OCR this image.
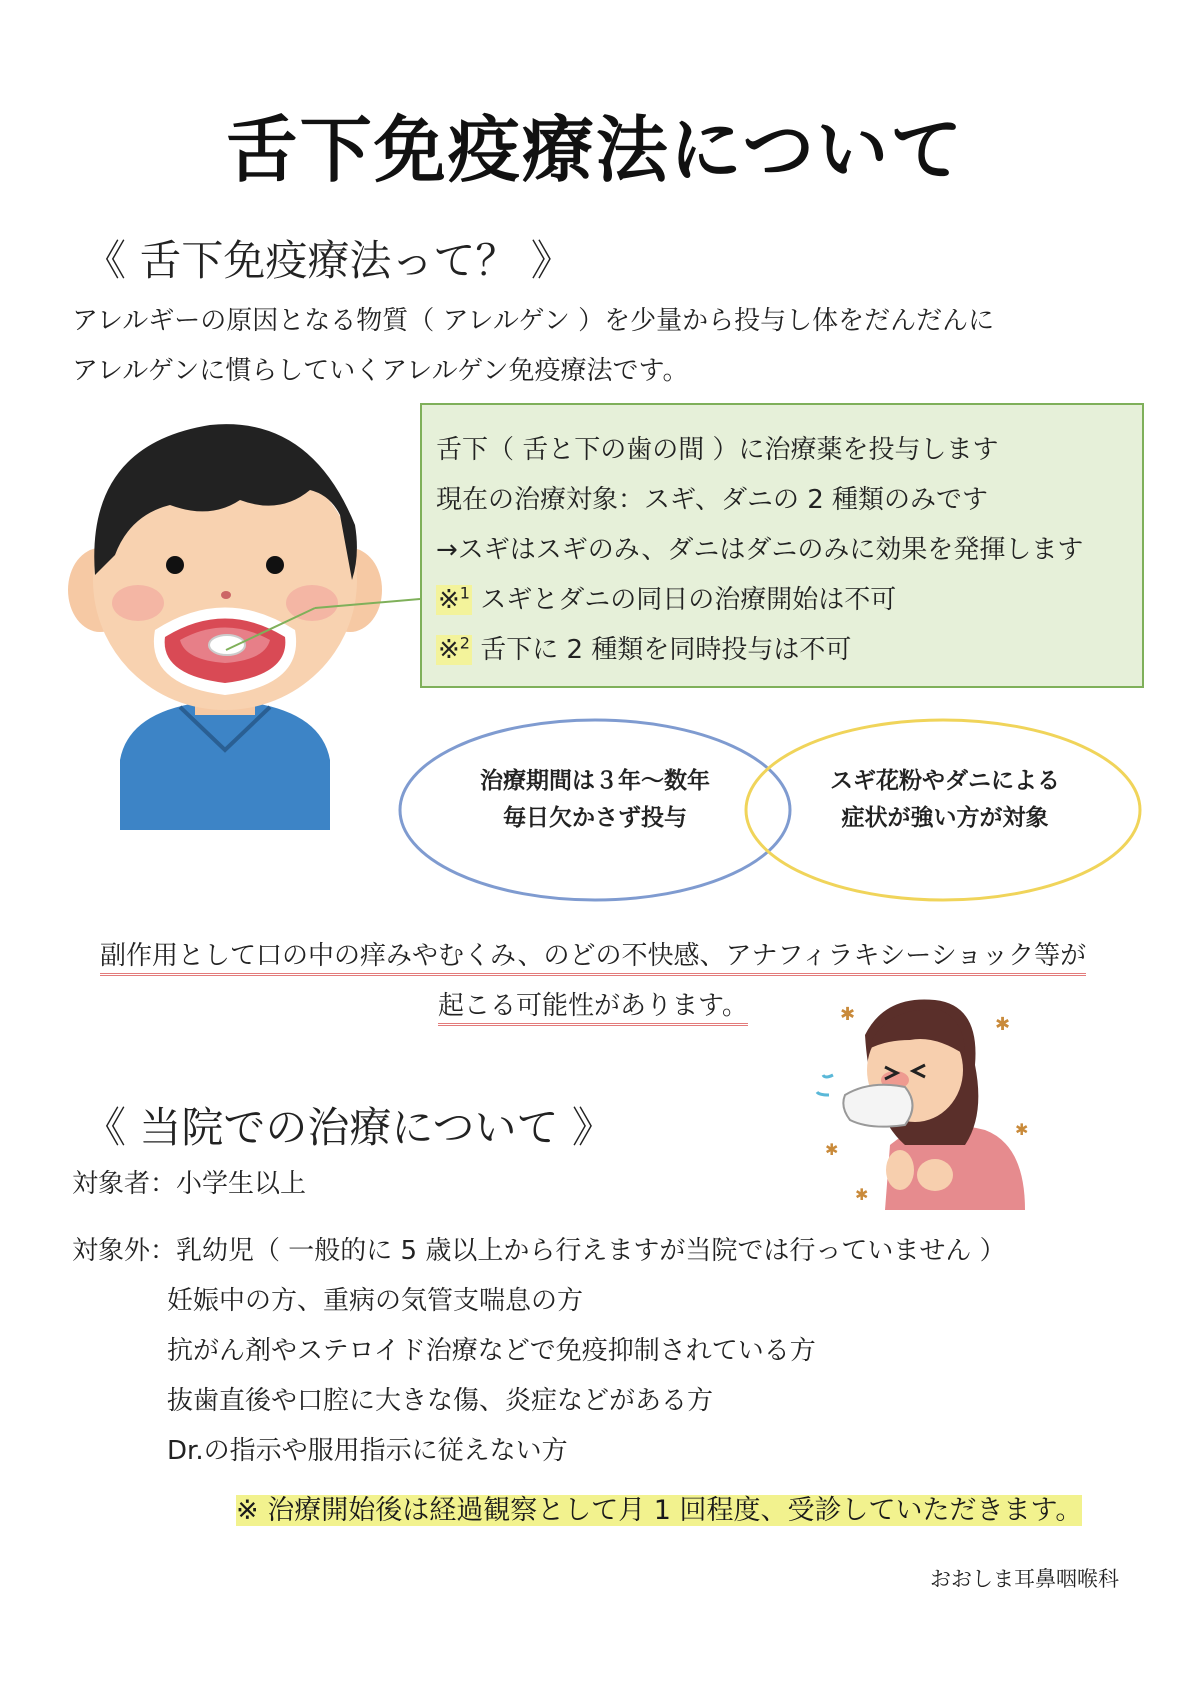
舌下免疫療法について
《 舌下免疫療法って？ 》
アレルギーの原因となる物質（ アレルゲン ）を少量から投与し体をだんだんに
アレルゲンに慣らしていくアレルゲン免疫療法です。
舌下（ 舌と下の歯の間 ）に治療薬を投与します
現在の治療対象：スギ、ダニの 2 種類のみです
→スギはスギのみ、ダニはダニのみに効果を発揮します
※$^1$ スギとダニの同日の治療開始は不可
※$^2$ 舌下に 2 種類を同時投与は不可
治療期間は３年～数年
毎日欠かさず投与
スギ花粉やダニによる
症状が強い方が対象
副作用として口の中の痒みやむくみ、のどの不快感、アナフィラキシーショック等が
起こる可能性があります。	✱	✱
✱
✱
✱
《 当院での治療について 》
対象者：小学生以上
対象外：乳幼児（ 一般的に 5 歳以上から行えますが当院では行っていません ）
妊娠中の方、重病の気管支喘息の方
抗がん剤やステロイド治療などで免疫抑制されている方
抜歯直後や口腔に大きな傷、炎症などがある方
Dr.の指示や服用指示に従えない方
※ 治療開始後は経過観察として月 1 回程度、受診していただきます。
おおしま耳鼻咽喉科
